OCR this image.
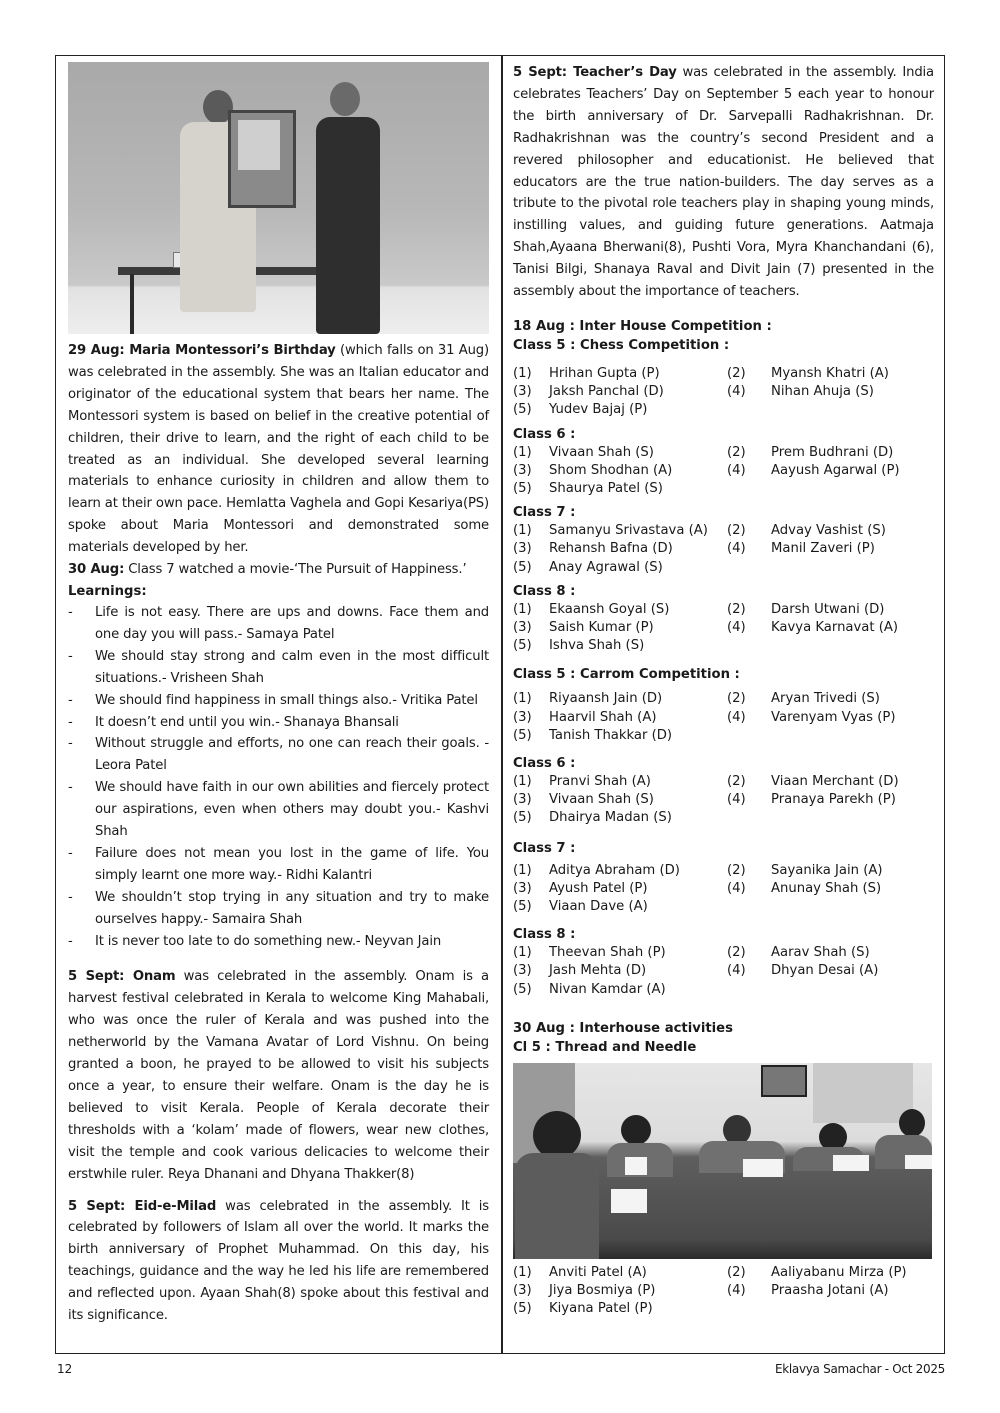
29 Aug: Maria Montessori’s Birthday (which falls on 31 Aug) was celebrated in the assembly. She was an Italian educator and originator of the educational system that bears her name. The Montessori system is based on belief in the creative potential of children, their drive to learn, and the right of each child to be treated as an individual. She developed several learning materials to enhance curiosity in children and allow them to learn at their own pace. Hemlatta Vaghela and Gopi Kesariya(PS) spoke about Maria Montessori and demonstrated some materials developed by her.

30 Aug: Class 7 watched a movie-‘The Pursuit of Happiness.’

Learnings:
- Life is not easy. There are ups and downs. Face them and one day you will pass.- Samaya Patel
- We should stay strong and calm even in the most difficult situations.- Vrisheen Shah
- We should find happiness in small things also.- Vritika Patel
- It doesn’t end until you win.- Shanaya Bhansali
- Without struggle and efforts, no one can reach their goals. - Leora Patel
- We should have faith in our own abilities and fiercely protect our aspirations, even when others may doubt you.- Kashvi Shah
- Failure does not mean you lost in the game of life. You simply learnt one more way.- Ridhi Kalantri
- We shouldn’t stop trying in any situation and try to make ourselves happy.- Samaira Shah
- It is never too late to do something new.- Neyvan Jain

5 Sept: Onam was celebrated in the assembly. Onam is a harvest festival celebrated in Kerala to welcome King Mahabali, who was once the ruler of Kerala and was pushed into the netherworld by the Vamana Avatar of Lord Vishnu. On being granted a boon, he prayed to be allowed to visit his subjects once a year, to ensure their welfare. Onam is the day he is believed to visit Kerala. People of Kerala decorate their thresholds with a ‘kolam’ made of flowers, wear new clothes, visit the temple and cook various delicacies to welcome their erstwhile ruler. Reya Dhanani and Dhyana Thakker(8)

5 Sept: Eid-e-Milad was celebrated in the assembly. It is celebrated by followers of Islam all over the world. It marks the birth anniversary of Prophet Muhammad. On this day, his teachings, guidance and the way he led his life are remembered and reflected upon. Ayaan Shah(8) spoke about this festival and its significance.

5 Sept: Teacher’s Day was celebrated in the assembly. India celebrates Teachers’ Day on September 5 each year to honour the birth anniversary of Dr. Sarvepalli Radhakrishnan. Dr. Radhakrishnan was the country’s second President and a revered philosopher and educationist. He believed that educators are the true nation-builders. The day serves as a tribute to the pivotal role teachers play in shaping young minds, instilling values, and guiding future generations. Aatmaja Shah,Ayaana Bherwani(8), Pushti Vora, Myra Khanchandani (6), Tanisi Bilgi, Shanaya Raval and Divit Jain (7) presented in the assembly about the importance of teachers.

18 Aug : Inter House Competition :
Class 5 : Chess Competition :
(1)	Hrihan Gupta (P)	(2)	Myansh Khatri (A)
(3)	Jaksh Panchal (D)	(4)	Nihan Ahuja (S)
(5)	Yudev Bajaj (P)
Class 6 :
(1)	Vivaan Shah (S)	(2)	Prem Budhrani (D)
(3)	Shom Shodhan (A)	(4)	Aayush Agarwal (P)
(5)	Shaurya Patel (S)
Class 7 :
(1)	Samanyu Srivastava (A)	(2)	Advay Vashist (S)
(3)	Rehansh Bafna (D)	(4)	Manil Zaveri (P)
(5)	Anay Agrawal (S)
Class 8 :
(1)	Ekaansh Goyal (S)	(2)	Darsh Utwani (D)
(3)	Saish Kumar (P)	(4)	Kavya Karnavat (A)
(5)	Ishva Shah (S)
Class 5 : Carrom Competition :
(1)	Riyaansh Jain (D)	(2)	Aryan Trivedi (S)
(3)	Haarvil Shah (A)	(4)	Varenyam Vyas (P)
(5)	Tanish Thakkar (D)
Class 6 :
(1)	Pranvi Shah (A)	(2)	Viaan Merchant (D)
(3)	Vivaan Shah (S)	(4)	Pranaya Parekh (P)
(5)	Dhairya Madan (S)
Class 7 :
(1)	Aditya Abraham (D)	(2)	Sayanika Jain (A)
(3)	Ayush Patel (P)	(4)	Anunay Shah (S)
(5)	Viaan Dave (A)
Class 8 :
(1)	Theevan Shah (P)	(2)	Aarav Shah (S)
(3)	Jash Mehta (D)	(4)	Dhyan Desai (A)
(5)	Nivan Kamdar (A)
30 Aug : Interhouse activities
Cl 5 : Thread and Needle
(1)	Anviti Patel (A)	(2)	Aaliyabanu Mirza (P)
(3)	Jiya Bosmiya (P)	(4)	Praasha Jotani (A)
(5)	Kiyana Patel (P)
12	Eklavya Samachar - Oct 2025
